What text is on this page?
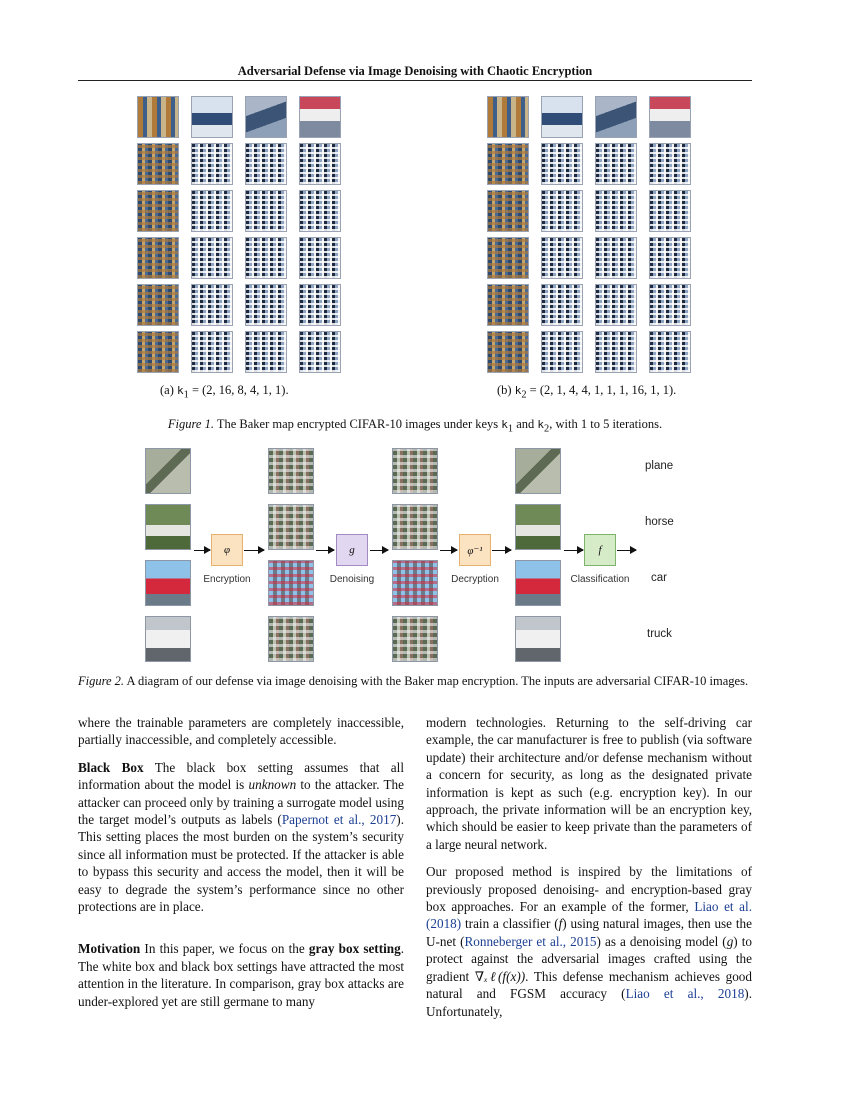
Adversarial Defense via Image Denoising with Chaotic Encryption
(a) $k_1 = (2$, 16, 8, 4, 1, 1).	(b) $k_2 = (2$, 1, 4, 4, 1, 1, 1, 16, 1, 1).
Figure 1. The Baker map encrypted CIFAR-10 images under keys $k_1$ and $k_2$, with 1 to 5 iterations.
φ	g	φ⁻¹	f
Encryption	Denoising	Decryption	Classification
plane
horse
car
truck
Figure 2. A diagram of our defense via image denoising with the Baker map encryption. The inputs are adversarial CIFAR-10 images.

where the trainable parameters are completely inaccessible, partially inaccessible, and completely accessible.

Black Box The black box setting assumes that all information about the model is unknown to the attacker. The attacker can proceed only by training a surrogate model using the target model’s outputs as labels (Papernot et al., 2017). This setting places the most burden on the system’s security since all information must be protected. If the attacker is able to bypass this security and access the model, then it will be easy to degrade the system’s performance since no other protections are in place.

Motivation In this paper, we focus on the gray box setting. The white box and black box settings have attracted the most attention in the literature. In comparison, gray box attacks are under-explored yet are still germane to many

modern technologies. Returning to the self-driving car example, the car manufacturer is free to publish (via software update) their architecture and/or defense mechanism without a concern for security, as long as the designated private information is kept as such (e.g. encryption key). In our approach, the private information will be an encryption key, which should be easier to keep private than the parameters of a large neural network.

Our proposed method is inspired by the limitations of previously proposed denoising- and encryption-based gray box approaches. For an example of the former, Liao et al. (2018) train a classifier (f) using natural images, then use the U-net (Ronneberger et al., 2015) as a denoising model (g) to protect against the adversarial images crafted using the gradient ∇ₓℓ(f(x)). This defense mechanism achieves good natural and FGSM accuracy (Liao et al., 2018). Unfortunately,
